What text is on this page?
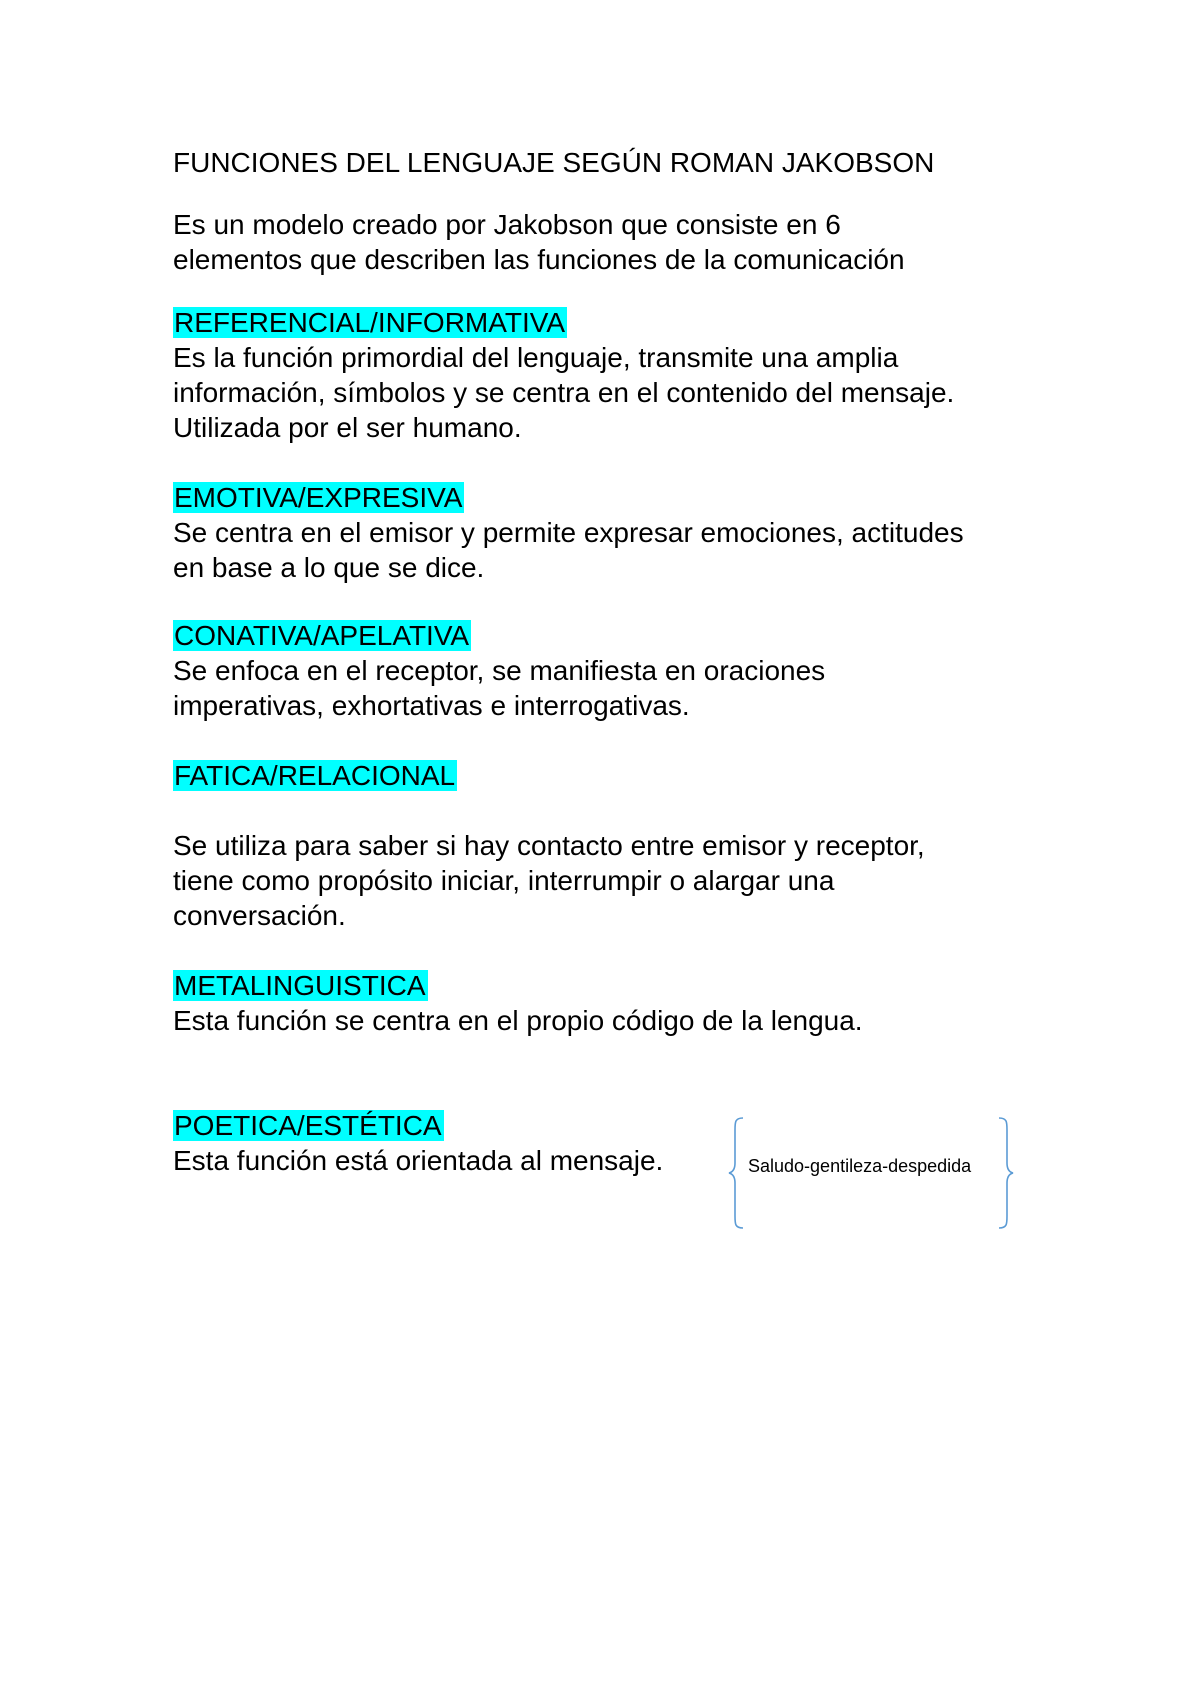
FUNCIONES DEL LENGUAJE SEGÚN ROMAN JAKOBSON

Es un modelo creado por Jakobson que consiste en 6

elementos que describen las funciones de la comunicación

REFERENCIAL/INFORMATIVA

Es la función primordial del lenguaje, transmite una amplia

información, símbolos y se centra en el contenido del mensaje.

Utilizada por el ser humano.

EMOTIVA/EXPRESIVA

Se centra en el emisor y permite expresar emociones, actitudes

en base a lo que se dice.

CONATIVA/APELATIVA

Se enfoca en el receptor, se manifiesta en oraciones

imperativas, exhortativas e interrogativas.

FATICA/RELACIONAL

Se utiliza para saber si hay contacto entre emisor y receptor,

tiene como propósito iniciar, interrumpir o alargar una

conversación.

METALINGUISTICA

Esta función se centra en el propio código de la lengua.

POETICA/ESTÉTICA

Esta función está orientada al mensaje.	Saludo-gentileza-despedida
